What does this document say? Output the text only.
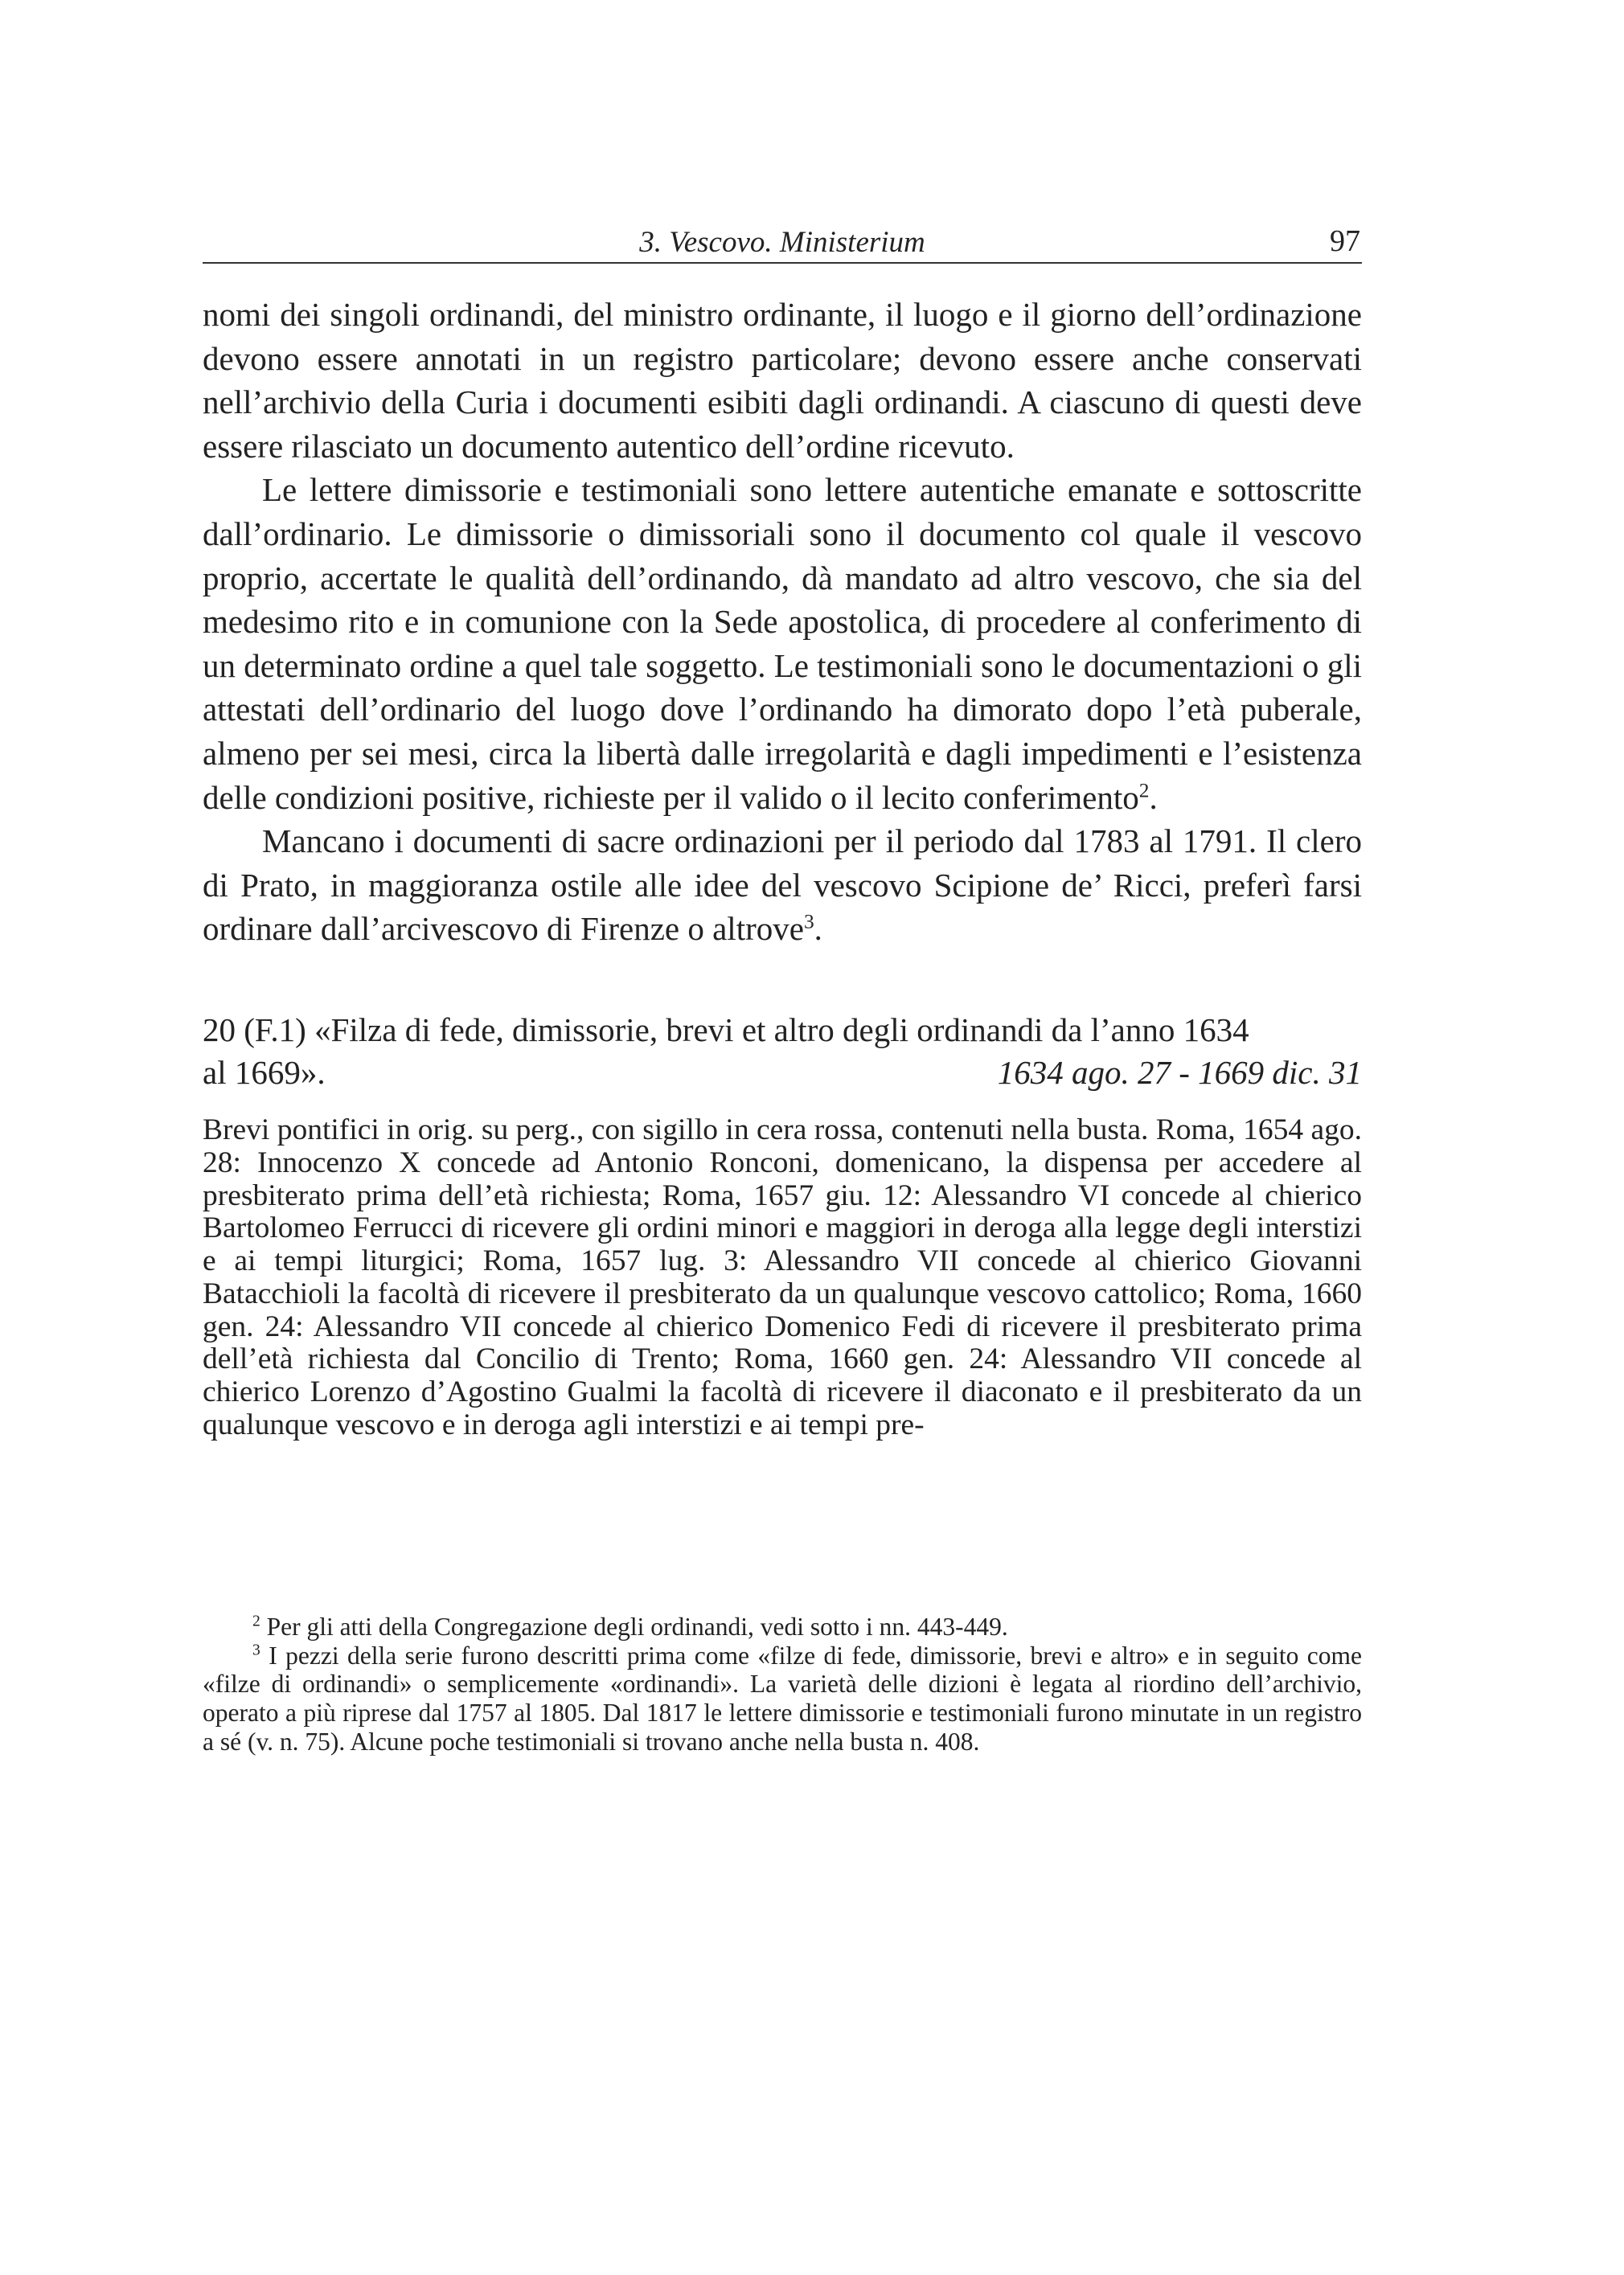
3. Vescovo. Ministerium	97

nomi dei singoli ordinandi, del ministro ordinante, il luogo e il giorno dell’ordinazione devono essere annotati in un registro particolare; devono essere anche conservati nell’archivio della Curia i documenti esibiti dagli ordinandi. A ciascuno di questi deve essere rilasciato un documento autentico dell’ordine ricevuto.

Le lettere dimissorie e testimoniali sono lettere autentiche emanate e sottoscritte dall’ordinario. Le dimissorie o dimissoriali sono il documento col quale il vescovo proprio, accertate le qualità dell’ordinando, dà mandato ad altro vescovo, che sia del medesimo rito e in comunione con la Sede apostolica, di procedere al conferimento di un determinato ordine a quel tale soggetto. Le testimoniali sono le documentazioni o gli attestati dell’ordinario del luogo dove l’ordinando ha dimorato dopo l’età puberale, almeno per sei mesi, circa la libertà dalle irregolarità e dagli impedimenti e l’esistenza delle condizioni positive, richieste per il valido o il lecito conferimento$^2$.

Mancano i documenti di sacre ordinazioni per il periodo dal 1783 al 1791. Il clero di Prato, in maggioranza ostile alle idee del vescovo Scipione de’ Ricci, preferì farsi ordinare dall’arcivescovo di Firenze o altrove$^3$.

20 (F.1) «Filza di fede, dimissorie, brevi et altro degli ordinandi da l’anno 1634
al 1669».	1634 ago. 27 - 1669 dic. 31
Brevi pontifici in orig. su perg., con sigillo in cera rossa, contenuti nella busta. Roma, 1654 ago. 28: Innocenzo X concede ad Antonio Ronconi, domenicano, la dispensa per accedere al presbiterato prima dell’età richiesta; Roma, 1657 giu. 12: Alessandro VI concede al chierico Bartolomeo Ferrucci di ricevere gli ordini minori e maggiori in deroga alla legge degli interstizi e ai tempi liturgici; Roma, 1657 lug. 3: Alessandro VII concede al chierico Giovanni Batacchioli la facoltà di ricevere il presbiterato da un qualunque vescovo cattolico; Roma, 1660 gen. 24: Alessandro VII concede al chierico Domenico Fedi di ricevere il presbiterato prima dell’età richiesta dal Concilio di Trento; Roma, 1660 gen. 24: Alessandro VII concede al chierico Lorenzo d’Agostino Gualmi la facoltà di ricevere il diaconato e il presbiterato da un qualunque vescovo e in deroga agli interstizi e ai tempi pre-

$^2$ Per gli atti della Congregazione degli ordinandi, vedi sotto i nn. 443-449.

$^3$ I pezzi della serie furono descritti prima come «filze di fede, dimissorie, brevi e altro» e in seguito come «filze di ordinandi» o semplicemente «ordinandi». La varietà delle dizioni è legata al riordino dell’archivio, operato a più riprese dal 1757 al 1805. Dal 1817 le lettere dimissorie e testimoniali furono minutate in un registro a sé (v. n. 75). Alcune poche testimoniali si trovano anche nella busta n. 408.
